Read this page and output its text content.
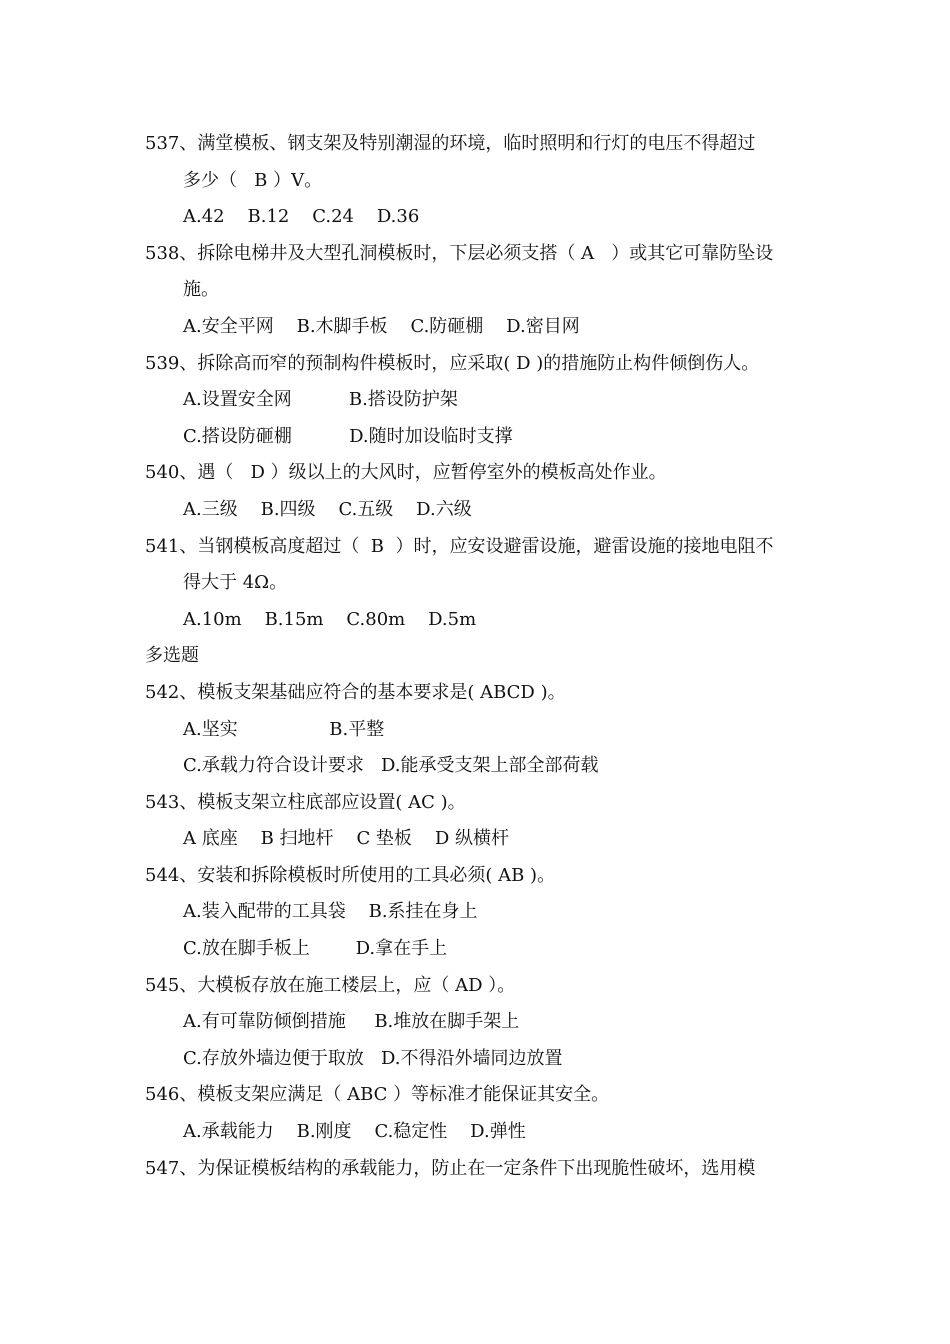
537、满堂模板、钢支架及特别潮湿的环境，临时照明和行灯的电压不得超过
多少（   B ）V。
A.42    B.12    C.24    D.36
538、拆除电梯井及大型孔洞模板时，下层必须支搭（ A   ）或其它可靠防坠设
施。
A.安全平网    B.木脚手板    C.防砸棚    D.密目网
539、拆除高而窄的预制构件模板时，应采取( D )的措施防止构件倾倒伤人。
A.设置安全网          B.搭设防护架
C.搭设防砸棚          D.随时加设临时支撑
540、遇（   D ）级以上的大风时，应暂停室外的模板高处作业。
A.三级    B.四级    C.五级    D.六级
541、当钢模板高度超过（  B  ）时，应安设避雷设施，避雷设施的接地电阻不
得大于 4Ω。
A.10m    B.15m    C.80m    D.5m
多选题
542、模板支架基础应符合的基本要求是( ABCD )。
A.坚实                B.平整
C.承载力符合设计要求   D.能承受支架上部全部荷载
543、模板支架立柱底部应设置( AC )。
A 底座    B 扫地杆    C 垫板    D 纵横杆
544、安装和拆除模板时所使用的工具必须( AB )。
A.装入配带的工具袋    B.系挂在身上
C.放在脚手板上        D.拿在手上
545、大模板存放在施工楼层上，应（ AD ）。
A.有可靠防倾倒措施     B.堆放在脚手架上
C.存放外墙边便于取放   D.不得沿外墙同边放置
546、模板支架应满足（ ABC ）等标准才能保证其安全。
A.承载能力    B.刚度    C.稳定性    D.弹性
547、为保证模板结构的承载能力，防止在一定条件下出现脆性破坏，选用模
